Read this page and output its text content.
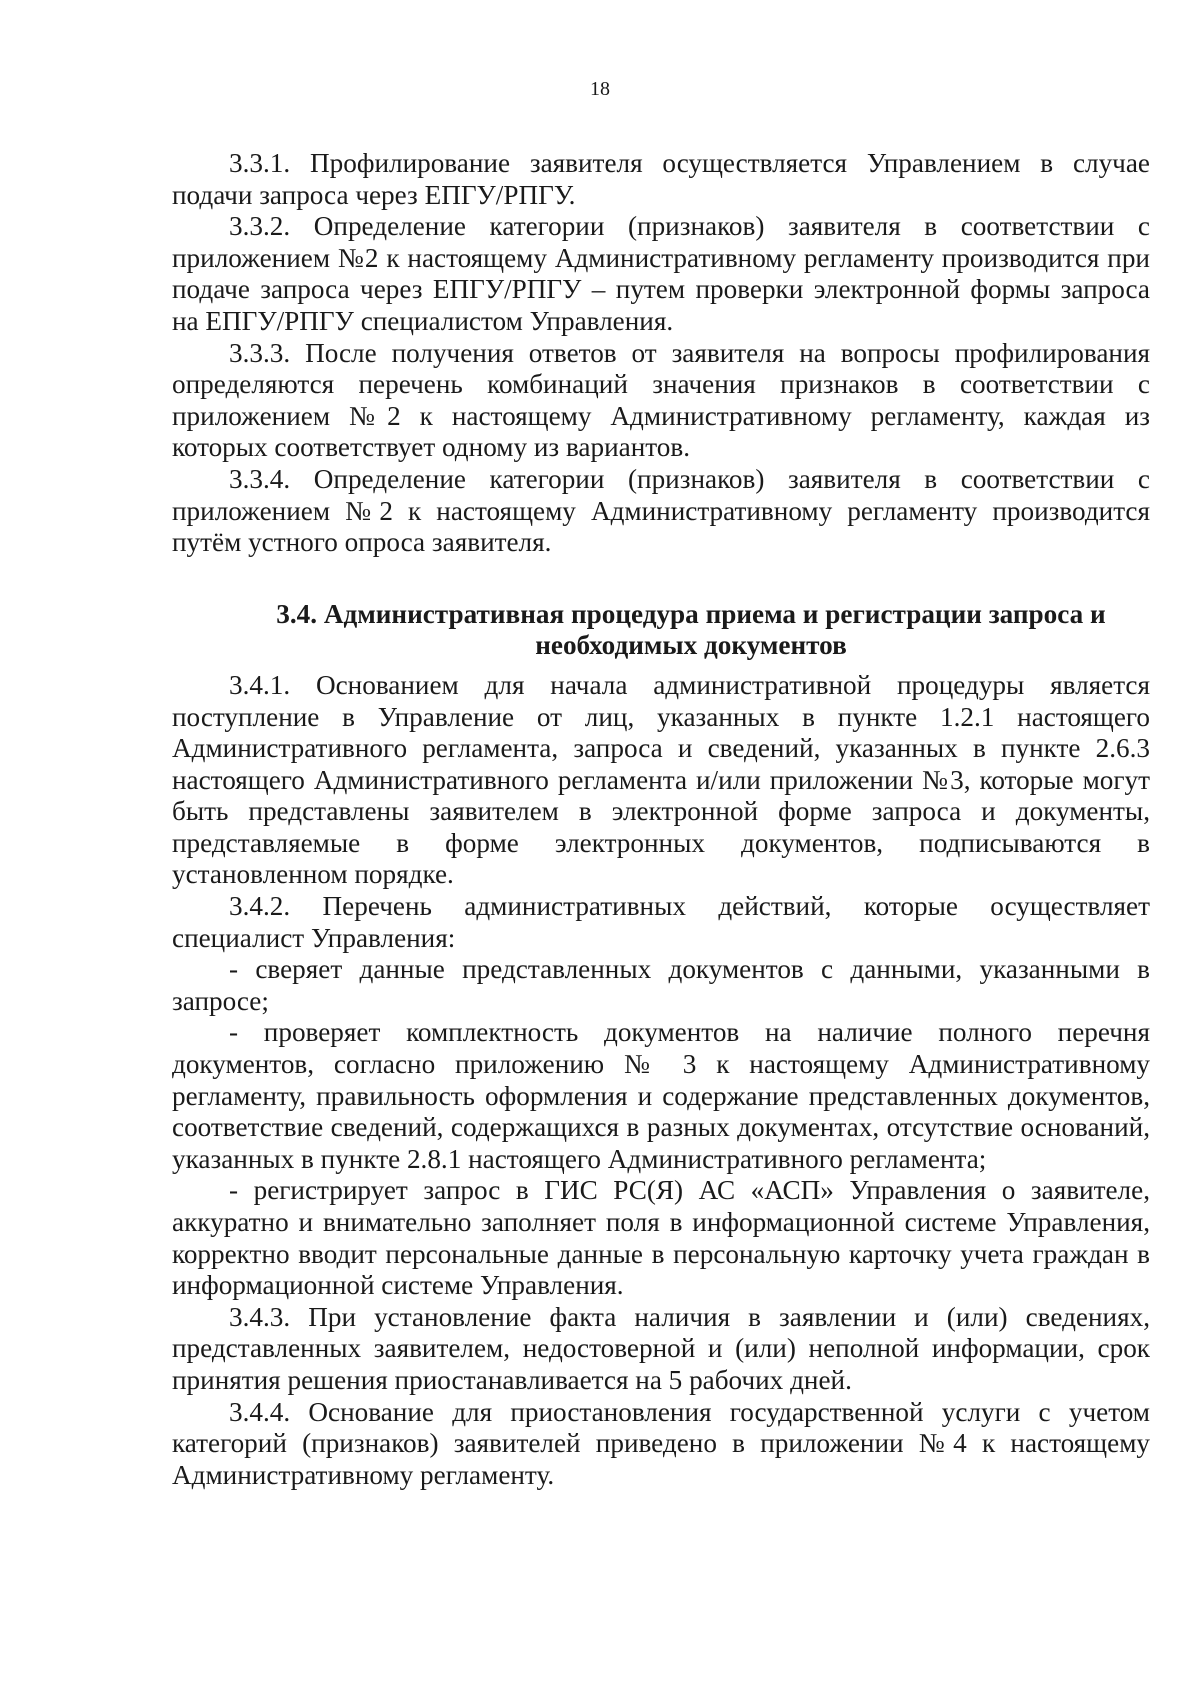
18

3.3.1. Профилирование заявителя осуществляется Управлением в случае подачи запроса через ЕПГУ/РПГУ.

3.3.2. Определение категории (признаков) заявителя в соответствии с приложением №2 к настоящему Административному регламенту производится при подаче запроса через ЕПГУ/РПГУ – путем проверки электронной формы запроса на ЕПГУ/РПГУ специалистом Управления.

3.3.3. После получения ответов от заявителя на вопросы профилирования определяются перечень комбинаций значения признаков в соответствии с приложением №2 к настоящему Административному регламенту, каждая из которых соответствует одному из вариантов.

3.3.4. Определение категории (признаков) заявителя в соответствии с приложением №2 к настоящему Административному регламенту производится путём устного опроса заявителя.

3.4. Административная процедура приема и регистрации запроса и
необходимых документов

3.4.1. Основанием для начала административной процедуры является поступление в Управление от лиц, указанных в пункте 1.2.1 настоящего Административного регламента, запроса и сведений, указанных в пункте 2.6.3 настоящего Административного регламента и/или приложении №3, которые могут быть представлены заявителем в электронной форме запроса и документы, представляемые в форме электронных документов, подписываются в установленном порядке.

3.4.2. Перечень административных действий, которые осуществляет специалист Управления:

- сверяет данные представленных документов с данными, указанными в запросе;

- проверяет комплектность документов на наличие полного перечня документов, согласно приложению № 3 к настоящему Административному регламенту, правильность оформления и содержание представленных документов, соответствие сведений, содержащихся в разных документах, отсутствие оснований, указанных в пункте 2.8.1 настоящего Административного регламента;

- регистрирует запрос в ГИС РС(Я) АС «АСП» Управления о заявителе, аккуратно и внимательно заполняет поля в информационной системе Управления, корректно вводит персональные данные в персональную карточку учета граждан в информационной системе Управления.

3.4.3. При установление факта наличия в заявлении и (или) сведениях, представленных заявителем, недостоверной и (или) неполной информации, срок принятия решения приостанавливается на 5 рабочих дней.

3.4.4. Основание для приостановления государственной услуги с учетом категорий (признаков) заявителей приведено в приложении №4 к настоящему Административному регламенту.
